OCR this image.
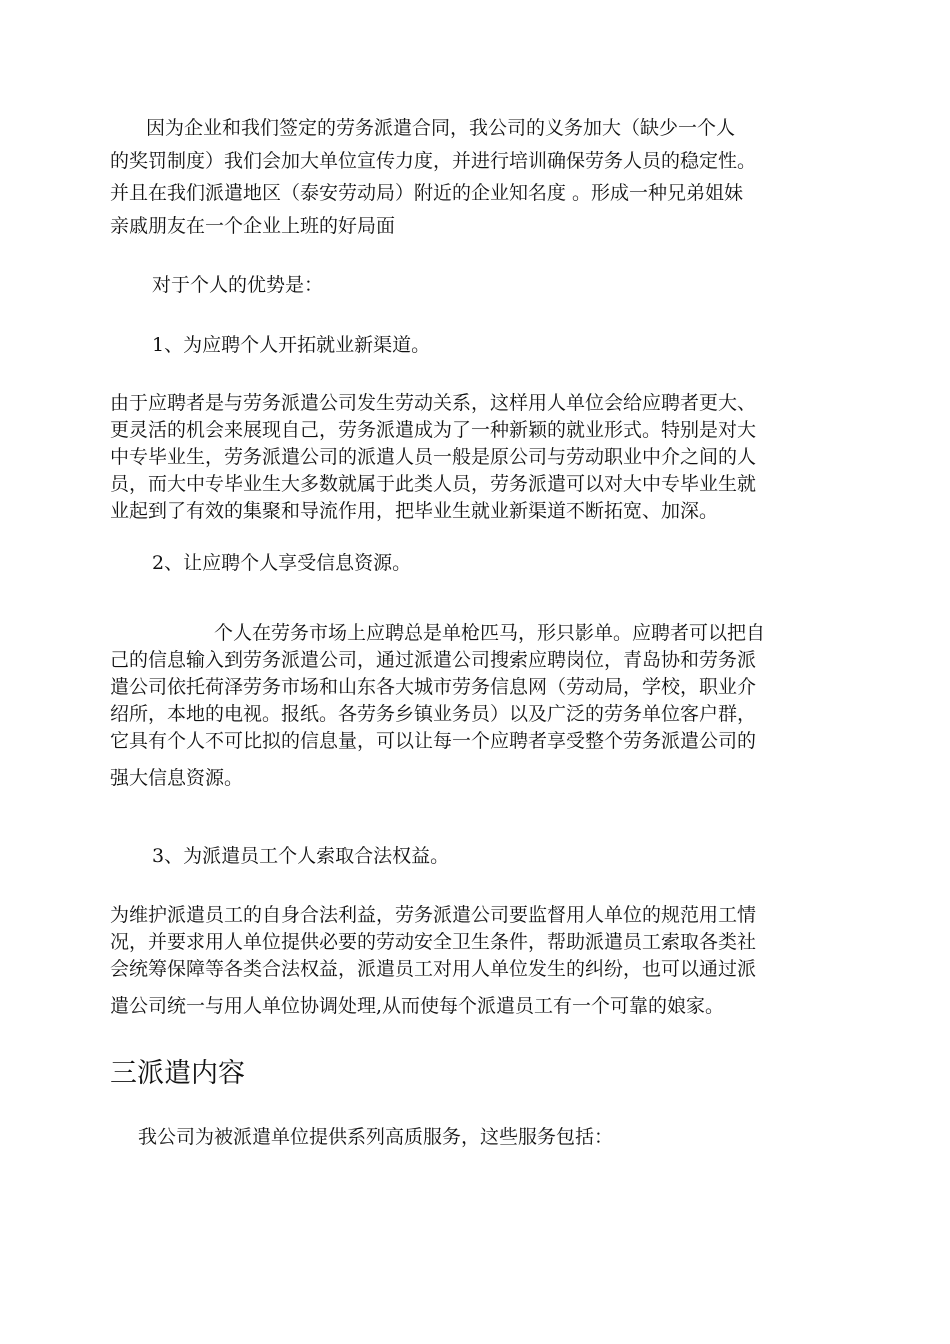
因为企业和我们签定的劳务派遣合同，我公司的义务加大（缺少一个人
的奖罚制度）我们会加大单位宣传力度，并进行培训确保劳务人员的稳定性。
并且在我们派遣地区（泰安劳动局）附近的企业知名度 。形成一种兄弟姐妹
亲戚朋友在一个企业上班的好局面

对于个人的优势是：

1、为应聘个人开拓就业新渠道。

由于应聘者是与劳务派遣公司发生劳动关系，这样用人单位会给应聘者更大、
更灵活的机会来展现自己，劳务派遣成为了一种新颖的就业形式。特别是对大
中专毕业生，劳务派遣公司的派遣人员一般是原公司与劳动职业中介之间的人
员，而大中专毕业生大多数就属于此类人员，劳务派遣可以对大中专毕业生就
业起到了有效的集聚和导流作用，把毕业生就业新渠道不断拓宽、加深。

2、让应聘个人享受信息资源。

个人在劳务市场上应聘总是单枪匹马，形只影单。应聘者可以把自
己的信息输入到劳务派遣公司，通过派遣公司搜索应聘岗位，青岛协和劳务派
遣公司依托荷泽劳务市场和山东各大城市劳务信息网（劳动局，学校，职业介
绍所，本地的电视。报纸。各劳务乡镇业务员）以及广泛的劳务单位客户群，
它具有个人不可比拟的信息量，可以让每一个应聘者享受整个劳务派遣公司的
强大信息资源。

3、为派遣员工个人索取合法权益。

为维护派遣员工的自身合法利益，劳务派遣公司要监督用人单位的规范用工情
况，并要求用人单位提供必要的劳动安全卫生条件，帮助派遣员工索取各类社
会统筹保障等各类合法权益，派遣员工对用人单位发生的纠纷，也可以通过派
遣公司统一与用人单位协调处理,从而使每个派遣员工有一个可靠的娘家。

三派遣内容

我公司为被派遣单位提供系列高质服务，这些服务包括：
